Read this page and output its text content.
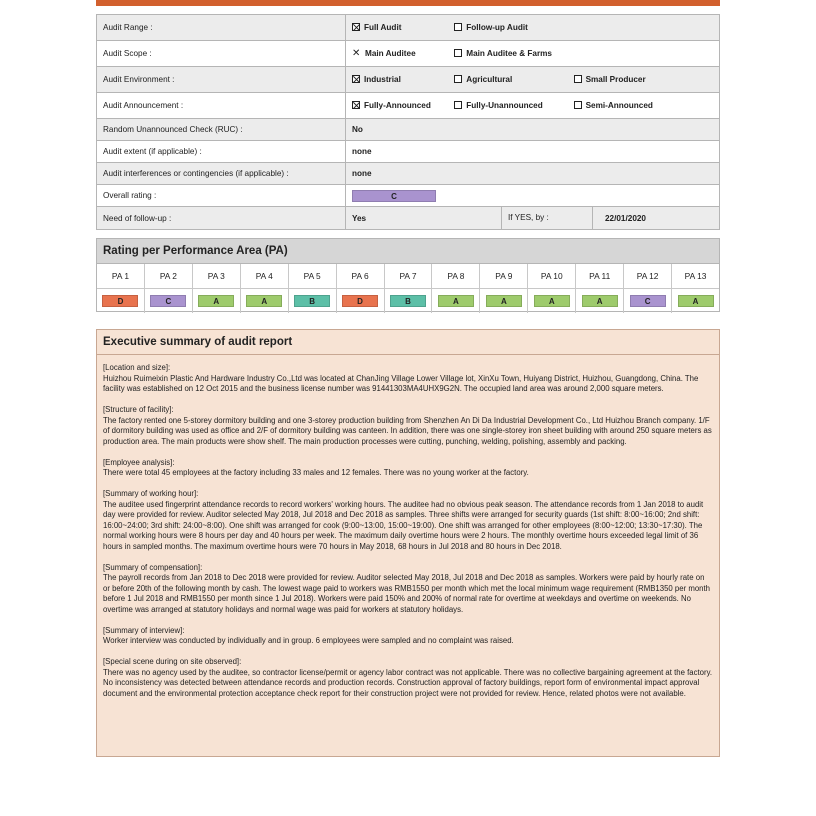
Audit Range :	Full Audit Follow-up Audit	
Audit Scope :	✕ Main Auditee Main Auditee & Farms	
Audit Environment :	Industrial Agricultural Small Producer	
Audit Announcement :	Fully-Announced Fully-Unannounced Semi-Announced	
Random Unannounced Check (RUC) :	No	
Audit extent (if applicable) :	none	
Audit interferences or contingencies (if applicable) :	none	
Overall rating :	C	
Need of follow-up :	Yes	If YES, by : 22/01/2020
Rating per Performance Area (PA)
PA 1	PA 2	PA 3	PA 4	PA 5	PA 6	PA 7	PA 8	PA 9	PA 10	PA 11	PA 12	PA 13
D	C	A	A	B	D	B	A	A	A	A	C	A
Executive summary of audit report

[Location and size]:

Huizhou Ruimeixin Plastic And Hardware Industry Co.,Ltd was located at ChanJing Village Lower Village lot, XinXu Town, Huiyang District, Huizhou, Guangdong, China. The facility was established on 12 Oct 2015 and the business license number was 91441303MA4UHX9G2N. The occupied land area was around 2,000 square meters.

[Structure of facility]:

The factory rented one 5-storey dormitory building and one 3-storey production building from Shenzhen An Di Da Industrial Development Co., Ltd Huizhou Branch company. 1/F of dormitory building was used as office and 2/F of dormitory building was canteen. In addition, there was one single-storey iron sheet building with around 250 square meters as production area. The main products were show shelf. The main production processes were cutting, punching, welding, polishing, assembly and packing.

[Employee analysis]:

There were total 45 employees at the factory including 33 males and 12 females. There was no young worker at the factory.

[Summary of working hour]:

The auditee used fingerprint attendance records to record workers' working hours. The auditee had no obvious peak season. The attendance records from 1 Jan 2018 to audit day were provided for review. Auditor selected May 2018, Jul 2018 and Dec 2018 as samples. Three shifts were arranged for security guards (1st shift: 8:00~16:00; 2nd shift: 16:00~24:00; 3rd shift: 24:00~8:00). One shift was arranged for cook (9:00~13:00, 15:00~19:00). One shift was arranged for other employees (8:00~12:00; 13:30~17:30). The normal working hours were 8 hours per day and 40 hours per week. The maximum daily overtime hours were 2 hours. The monthly overtime hours exceeded legal limit of 36 hours in sampled months. The maximum overtime hours were 70 hours in May 2018, 68 hours in Jul 2018 and 80 hours in Dec 2018.

[Summary of compensation]:

The payroll records from Jan 2018 to Dec 2018 were provided for review. Auditor selected May 2018, Jul 2018 and Dec 2018 as samples. Workers were paid by hourly rate on or before 20th of the following month by cash. The lowest wage paid to workers was RMB1550 per month which met the local minimum wage requirement (RMB1350 per month before 1 Jul 2018 and RMB1550 per month since 1 Jul 2018). Workers were paid 150% and 200% of normal rate for overtime at weekdays and overtime on weekends. No overtime was arranged at statutory holidays and normal wage was paid for workers at statutory holidays.

[Summary of interview]:

Worker interview was conducted by individually and in group. 6 employees were sampled and no complaint was raised.

[Special scene during on site observed]:

There was no agency used by the auditee, so contractor license/permit or agency labor contract was not applicable. There was no collective bargaining agreement at the factory. No inconsistency was detected between attendance records and production records. Construction approval of factory buildings, report form of environmental impact approval document and the environmental protection acceptance check report for their construction project were not provided for review. Hence, related photos were not available.
